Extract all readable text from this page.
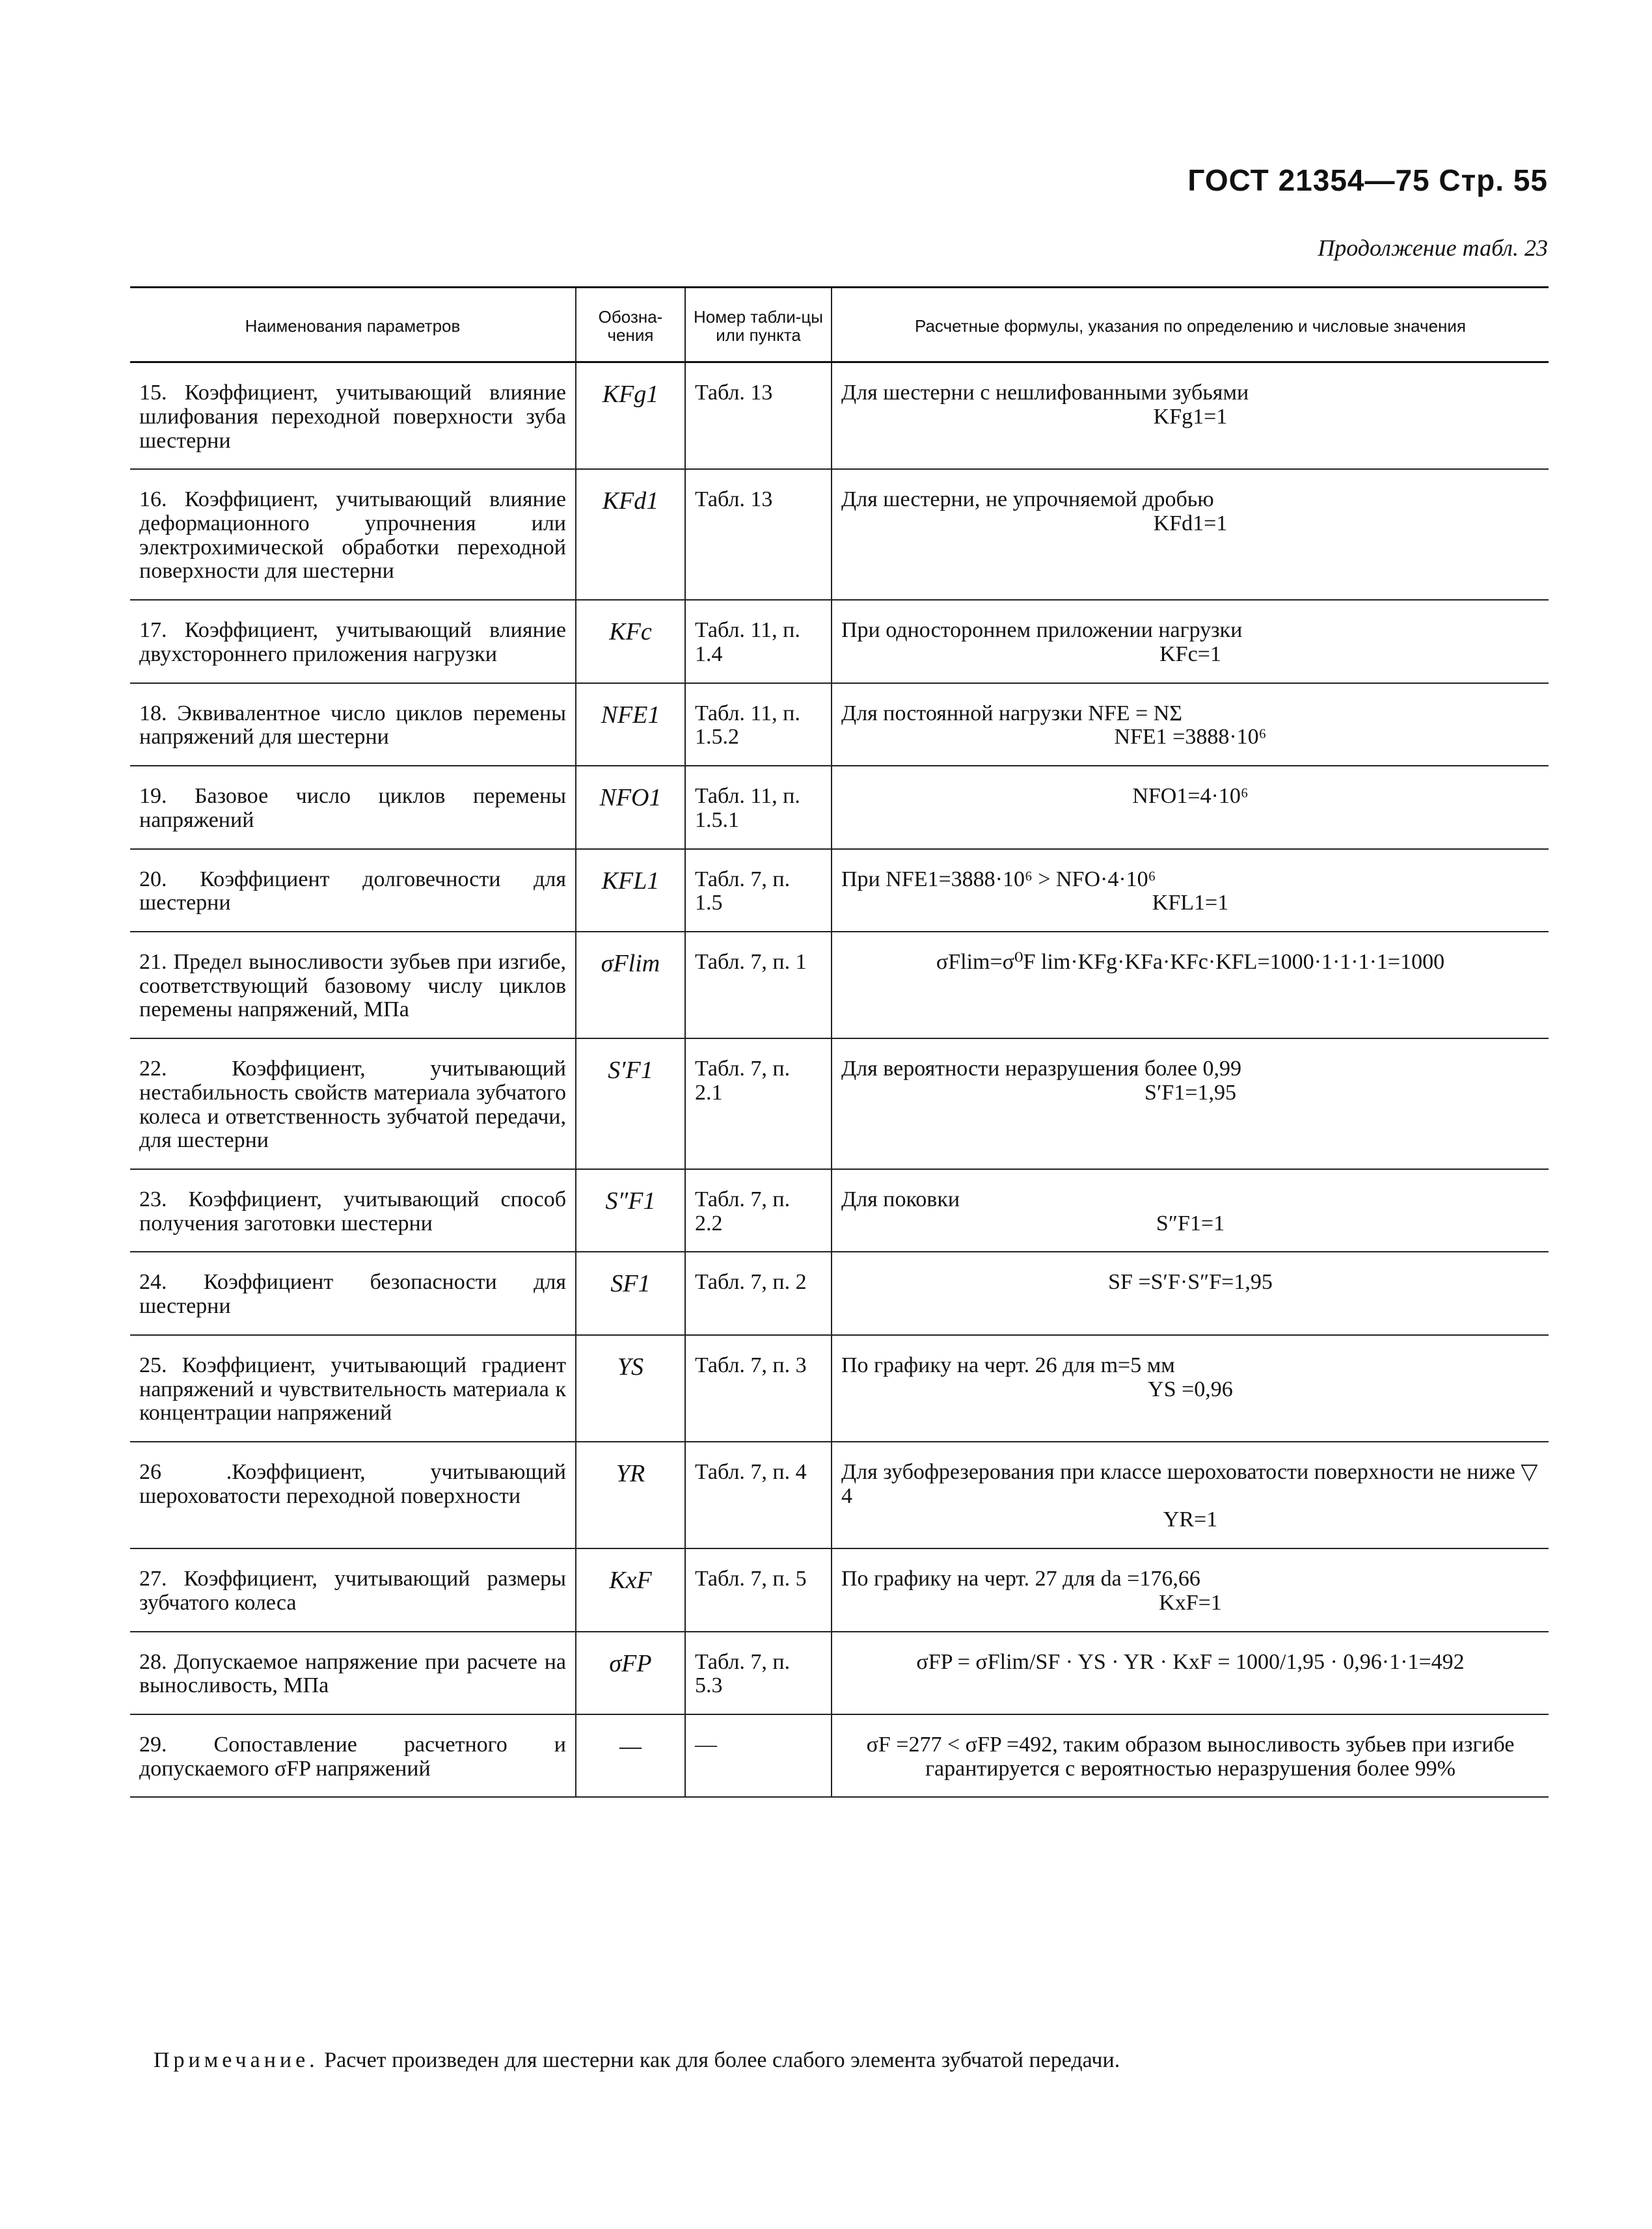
ГОСТ 21354—75 Стр. 55
Продолжение табл. 23
Наименования параметров	Обозна-чения	Номер табли-цы или пункта	Расчетные формулы, указания по определению и числовые значения
15. Коэффициент, учитывающий влияние шлифования переходной поверхности зуба шестерни	KFg1	Табл. 13	Для шестерни с нешлифованными зубьями
KFg1=1

16. Коэффициент, учитывающий влияние деформационного упрочнения или электрохимической обработки переходной поверхности для шестерни	KFd1	Табл. 13	Для шестерни, не упрочняемой дробью
KFd1=1

17. Коэффициент, учитывающий влияние двухстороннего приложения нагрузки	KFc	Табл. 11, п. 1.4	При одностороннем приложении нагрузки
KFc=1

18. Эквивалентное число циклов перемены напряжений для шестерни	NFE1	Табл. 11, п. 1.5.2	Для постоянной нагрузки NFE = NΣ
NFE1 =3888·10⁶

19. Базовое число циклов перемены напряжений	NFO1	Табл. 11, п. 1.5.1	NFO1=4·10⁶

20. Коэффициент долговечности для шестерни	KFL1	Табл. 7, п. 1.5	При NFE1=3888·10⁶ > NFO·4·10⁶
KFL1=1

21. Предел выносливости зубьев при изгибе, соответствующий базовому числу циклов перемены напряжений, МПа	σFlim	Табл. 7, п. 1	σFlim=σ⁰F lim·KFg·KFa·KFc·KFL=1000·1·1·1·1=1000

22. Коэффициент, учитывающий нестабильность свойств материала зубчатого колеса и ответственность зубчатой передачи, для шестерни	S′F1	Табл. 7, п. 2.1	Для вероятности неразрушения более 0,99
S′F1=1,95

23. Коэффициент, учитывающий способ получения заготовки шестерни	S″F1	Табл. 7, п. 2.2	Для поковки
S″F1=1

24. Коэффициент безопасности для шестерни	SF1	Табл. 7, п. 2	SF =S′F·S″F=1,95

25. Коэффициент, учитывающий градиент напряжений и чувствительность материала к концентрации напряжений	YS	Табл. 7, п. 3	По графику на черт. 26 для m=5 мм
YS =0,96

26 .Коэффициент, учитывающий шероховатости переходной поверхности	YR	Табл. 7, п. 4	Для зубофрезерования при классе шероховатости поверхности не ниже ▽ 4
YR=1

27. Коэффициент, учитывающий размеры зубчатого колеса	KxF	Табл. 7, п. 5	По графику на черт. 27 для da =176,66
KxF=1

28. Допускаемое напряжение при расчете на выносливость, МПа	σFP	Табл. 7, п. 5.3	σFP = σFlim/SF · YS · YR · KxF = 1000/1,95 · 0,96·1·1=492

29. Сопоставление расчетного и допускаемого σFP напряжений	—	—	σF =277 < σFP =492, таким образом выносливость зубьев при изгибе гарантируется с вероятностью неразрушения более 99%
Примечание. Расчет произведен для шестерни как для более слабого элемента зубчатой передачи.
